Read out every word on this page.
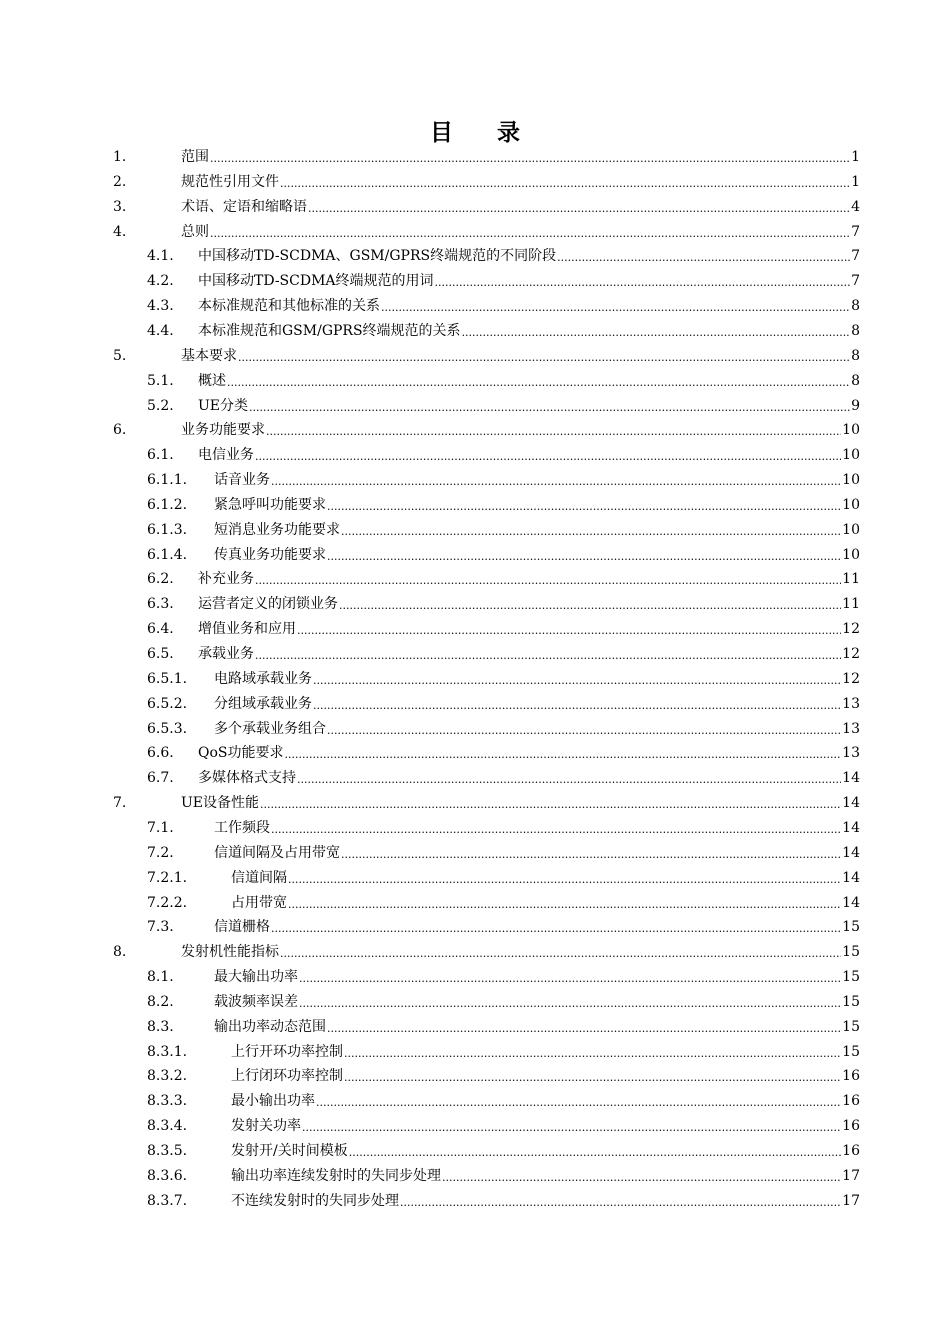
目 录
1.	范围 .....	1
2.	规范性引用文件 .....	1
3.	术语、定语和缩略语 .....	4
4.	总则 .....	7
4.1.	中国移动TD-SCDMA、GSM/GPRS终端规范的不同阶段 .....	7
4.2.	中国移动TD-SCDMA终端规范的用词 .....	7
4.3.	本标准规范和其他标准的关系 .....	8
4.4.	本标准规范和GSM/GPRS终端规范的关系 .....	8
5.	基本要求 .....	8
5.1.	概述 .....	8
5.2.	UE分类 .....	9
6.	业务功能要求 .....	10
6.1.	电信业务 .....	10
6.1.1.	话音业务 .....	10
6.1.2.	紧急呼叫功能要求 .....	10
6.1.3.	短消息业务功能要求 .....	10
6.1.4.	传真业务功能要求 .....	10
6.2.	补充业务 .....	11
6.3.	运营者定义的闭锁业务 .....	11
6.4.	增值业务和应用 .....	12
6.5.	承载业务 .....	12
6.5.1.	电路域承载业务 .....	12
6.5.2.	分组域承载业务 .....	13
6.5.3.	多个承载业务组合 .....	13
6.6.	QoS功能要求 .....	13
6.7.	多媒体格式支持 .....	14
7.	UE设备性能 .....	14
7.1.	工作频段 .....	14
7.2.	信道间隔及占用带宽 .....	14
7.2.1.	信道间隔 .....	14
7.2.2.	占用带宽 .....	14
7.3.	信道栅格 .....	15
8.	发射机性能指标 .....	15
8.1.	最大输出功率 .....	15
8.2.	载波频率误差 .....	15
8.3.	输出功率动态范围 .....	15
8.3.1.	上行开环功率控制 .....	15
8.3.2.	上行闭环功率控制 .....	16
8.3.3.	最小输出功率 .....	16
8.3.4.	发射关功率 .....	16
8.3.5.	发射开/关时间模板 .....	16
8.3.6.	输出功率连续发射时的失同步处理 .....	17
8.3.7.	不连续发射时的失同步处理 .....	17
